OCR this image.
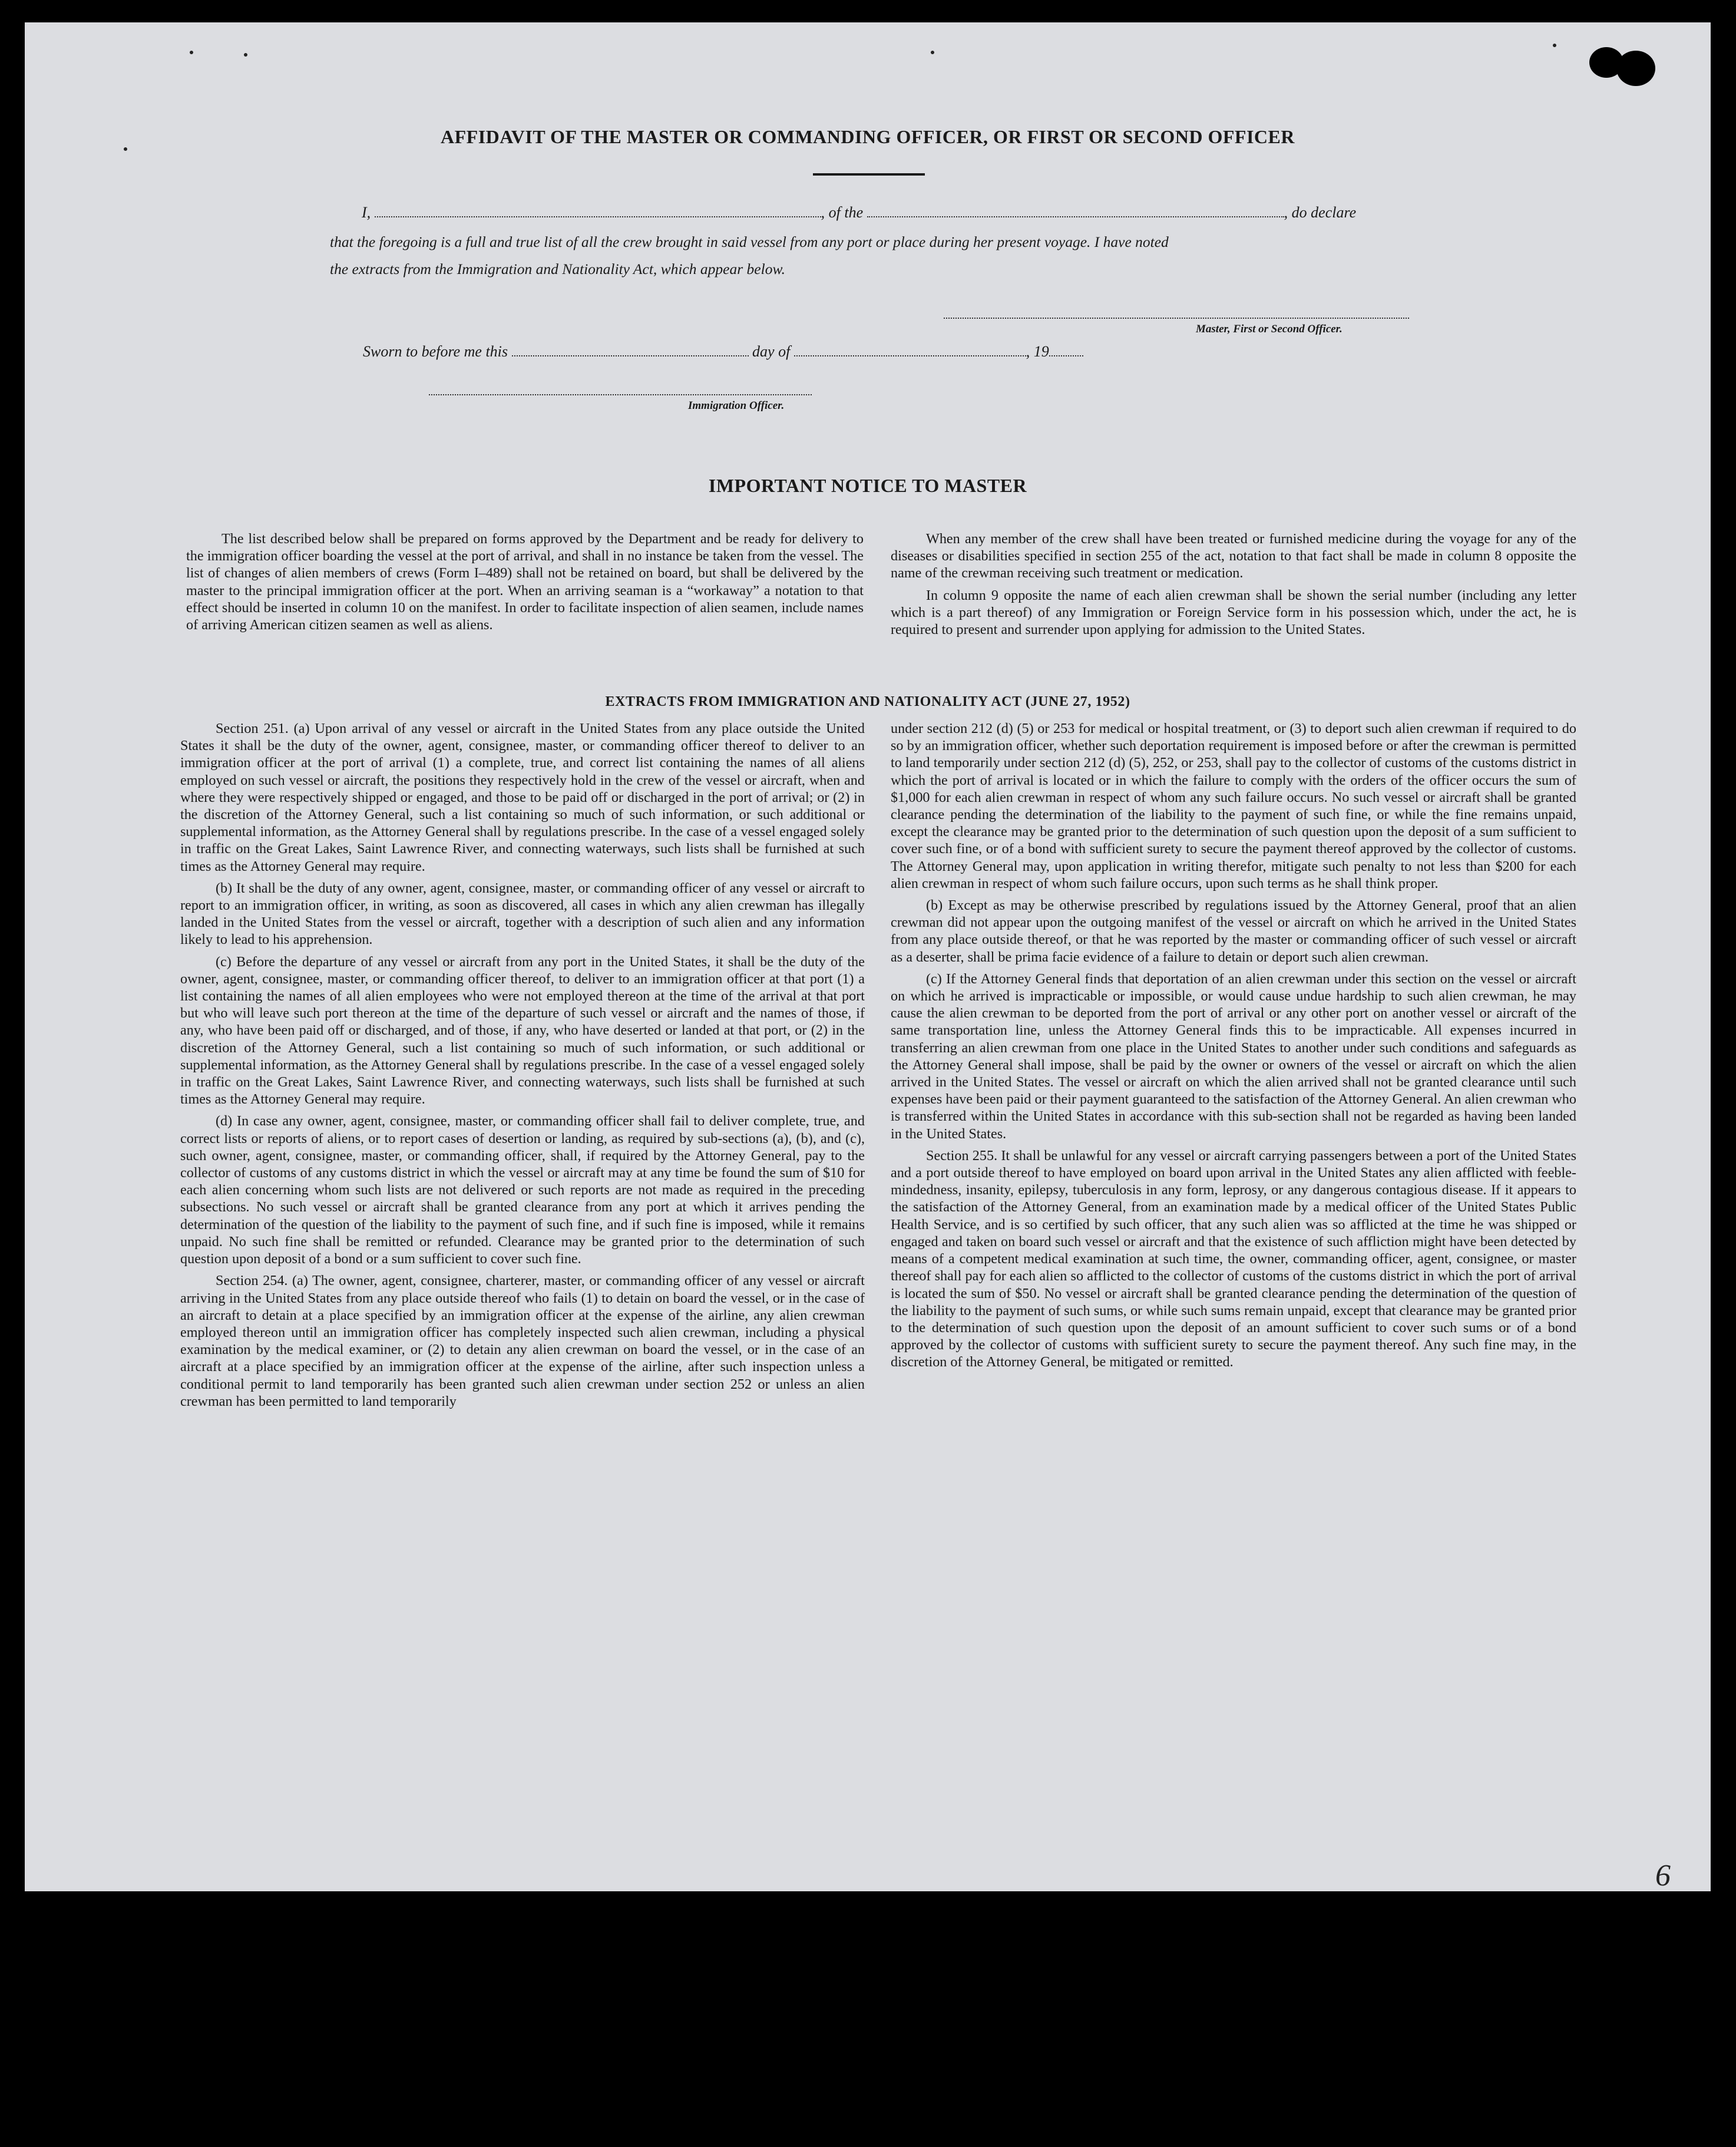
AFFIDAVIT OF THE MASTER OR COMMANDING OFFICER, OR FIRST OR SECOND OFFICER
I,	, of the	, do declare
that the foregoing is a full and true list of all the crew brought in said vessel from any port or place during her present voyage. I have noted
the extracts from the Immigration and Nationality Act, which appear below.
Master, First or Second Officer.
Sworn to before me this	day of	, 19
Immigration Officer.
IMPORTANT NOTICE TO MASTER

The list described below shall be prepared on forms approved by the Department and be ready for delivery to the immigration officer boarding the vessel at the port of arrival, and shall in no instance be taken from the vessel. The list of changes of alien members of crews (Form I–489) shall not be retained on board, but shall be delivered by the master to the principal immigration officer at the port. When an arriving seaman is a “workaway” a notation to that effect should be inserted in column 10 on the manifest. In order to facilitate inspection of alien seamen, include names of arriving American citizen seamen as well as aliens.

When any member of the crew shall have been treated or furnished medicine during the voyage for any of the diseases or disabilities specified in section 255 of the act, notation to that fact shall be made in column 8 opposite the name of the crewman receiving such treatment or medication.

In column 9 opposite the name of each alien crewman shall be shown the serial number (including any letter which is a part thereof) of any Immigration or Foreign Service form in his possession which, under the act, he is required to present and surrender upon applying for admission to the United States.

EXTRACTS FROM IMMIGRATION AND NATIONALITY ACT (JUNE 27, 1952)

Section 251. (a) Upon arrival of any vessel or aircraft in the United States from any place outside the United States it shall be the duty of the owner, agent, consignee, master, or commanding officer thereof to deliver to an immigration officer at the port of arrival (1) a complete, true, and correct list containing the names of all aliens employed on such vessel or aircraft, the positions they respectively hold in the crew of the vessel or aircraft, when and where they were respectively shipped or engaged, and those to be paid off or discharged in the port of arrival; or (2) in the discretion of the Attorney General, such a list containing so much of such information, or such additional or supplemental information, as the Attorney General shall by regulations prescribe. In the case of a vessel engaged solely in traffic on the Great Lakes, Saint Lawrence River, and connecting waterways, such lists shall be furnished at such times as the Attorney General may require.

(b) It shall be the duty of any owner, agent, consignee, master, or commanding officer of any vessel or aircraft to report to an immigration officer, in writing, as soon as discovered, all cases in which any alien crewman has illegally landed in the United States from the vessel or aircraft, together with a description of such alien and any information likely to lead to his apprehension.

(c) Before the departure of any vessel or aircraft from any port in the United States, it shall be the duty of the owner, agent, consignee, master, or commanding officer thereof, to deliver to an immigration officer at that port (1) a list containing the names of all alien employees who were not employed thereon at the time of the arrival at that port but who will leave such port thereon at the time of the departure of such vessel or aircraft and the names of those, if any, who have been paid off or discharged, and of those, if any, who have deserted or landed at that port, or (2) in the discretion of the Attorney General, such a list containing so much of such information, or such additional or supplemental information, as the Attorney General shall by regulations prescribe. In the case of a vessel engaged solely in traffic on the Great Lakes, Saint Lawrence River, and connecting waterways, such lists shall be furnished at such times as the Attorney General may require.

(d) In case any owner, agent, consignee, master, or commanding officer shall fail to deliver complete, true, and correct lists or reports of aliens, or to report cases of desertion or landing, as required by sub-sections (a), (b), and (c), such owner, agent, consignee, master, or commanding officer, shall, if required by the Attorney General, pay to the collector of customs of any customs district in which the vessel or aircraft may at any time be found the sum of $10 for each alien concerning whom such lists are not delivered or such reports are not made as required in the preceding subsections. No such vessel or aircraft shall be granted clearance from any port at which it arrives pending the determination of the question of the liability to the payment of such fine, and if such fine is imposed, while it remains unpaid. No such fine shall be remitted or refunded. Clearance may be granted prior to the determination of such question upon deposit of a bond or a sum sufficient to cover such fine.

Section 254. (a) The owner, agent, consignee, charterer, master, or commanding officer of any vessel or aircraft arriving in the United States from any place outside thereof who fails (1) to detain on board the vessel, or in the case of an aircraft to detain at a place specified by an immigration officer at the expense of the airline, any alien crewman employed thereon until an immigration officer has completely inspected such alien crewman, including a physical examination by the medical examiner, or (2) to detain any alien crewman on board the vessel, or in the case of an aircraft at a place specified by an immigration officer at the expense of the airline, after such inspection unless a conditional permit to land temporarily has been granted such alien crewman under section 252 or unless an alien crewman has been permitted to land temporarily

under section 212 (d) (5) or 253 for medical or hospital treatment, or (3) to deport such alien crewman if required to do so by an immigration officer, whether such deportation requirement is imposed before or after the crewman is permitted to land temporarily under section 212 (d) (5), 252, or 253, shall pay to the collector of customs of the customs district in which the port of arrival is located or in which the failure to comply with the orders of the officer occurs the sum of $1,000 for each alien crewman in respect of whom any such failure occurs. No such vessel or aircraft shall be granted clearance pending the determination of the liability to the payment of such fine, or while the fine remains unpaid, except the clearance may be granted prior to the determination of such question upon the deposit of a sum sufficient to cover such fine, or of a bond with sufficient surety to secure the payment thereof approved by the collector of customs. The Attorney General may, upon application in writing therefor, mitigate such penalty to not less than $200 for each alien crewman in respect of whom such failure occurs, upon such terms as he shall think proper.

(b) Except as may be otherwise prescribed by regulations issued by the Attorney General, proof that an alien crewman did not appear upon the outgoing manifest of the vessel or aircraft on which he arrived in the United States from any place outside thereof, or that he was reported by the master or commanding officer of such vessel or aircraft as a deserter, shall be prima facie evidence of a failure to detain or deport such alien crewman.

(c) If the Attorney General finds that deportation of an alien crewman under this section on the vessel or aircraft on which he arrived is impracticable or impossible, or would cause undue hardship to such alien crewman, he may cause the alien crewman to be deported from the port of arrival or any other port on another vessel or aircraft of the same transportation line, unless the Attorney General finds this to be impracticable. All expenses incurred in transferring an alien crewman from one place in the United States to another under such conditions and safeguards as the Attorney General shall impose, shall be paid by the owner or owners of the vessel or aircraft on which the alien arrived in the United States. The vessel or aircraft on which the alien arrived shall not be granted clearance until such expenses have been paid or their payment guaranteed to the satisfaction of the Attorney General. An alien crewman who is transferred within the United States in accordance with this sub-section shall not be regarded as having been landed in the United States.

Section 255. It shall be unlawful for any vessel or aircraft carrying passengers between a port of the United States and a port outside thereof to have employed on board upon arrival in the United States any alien afflicted with feeble-mindedness, insanity, epilepsy, tuberculosis in any form, leprosy, or any dangerous contagious disease. If it appears to the satisfaction of the Attorney General, from an examination made by a medical officer of the United States Public Health Service, and is so certified by such officer, that any such alien was so afflicted at the time he was shipped or engaged and taken on board such vessel or aircraft and that the existence of such affliction might have been detected by means of a competent medical examination at such time, the owner, commanding officer, agent, consignee, or master thereof shall pay for each alien so afflicted to the collector of customs of the customs district in which the port of arrival is located the sum of $50. No vessel or aircraft shall be granted clearance pending the determination of the question of the liability to the payment of such sums, or while such sums remain unpaid, except that clearance may be granted prior to the determination of such question upon the deposit of an amount sufficient to cover such sums or of a bond approved by the collector of customs with sufficient surety to secure the payment thereof. Any such fine may, in the discretion of the Attorney General, be mitigated or remitted.

6
